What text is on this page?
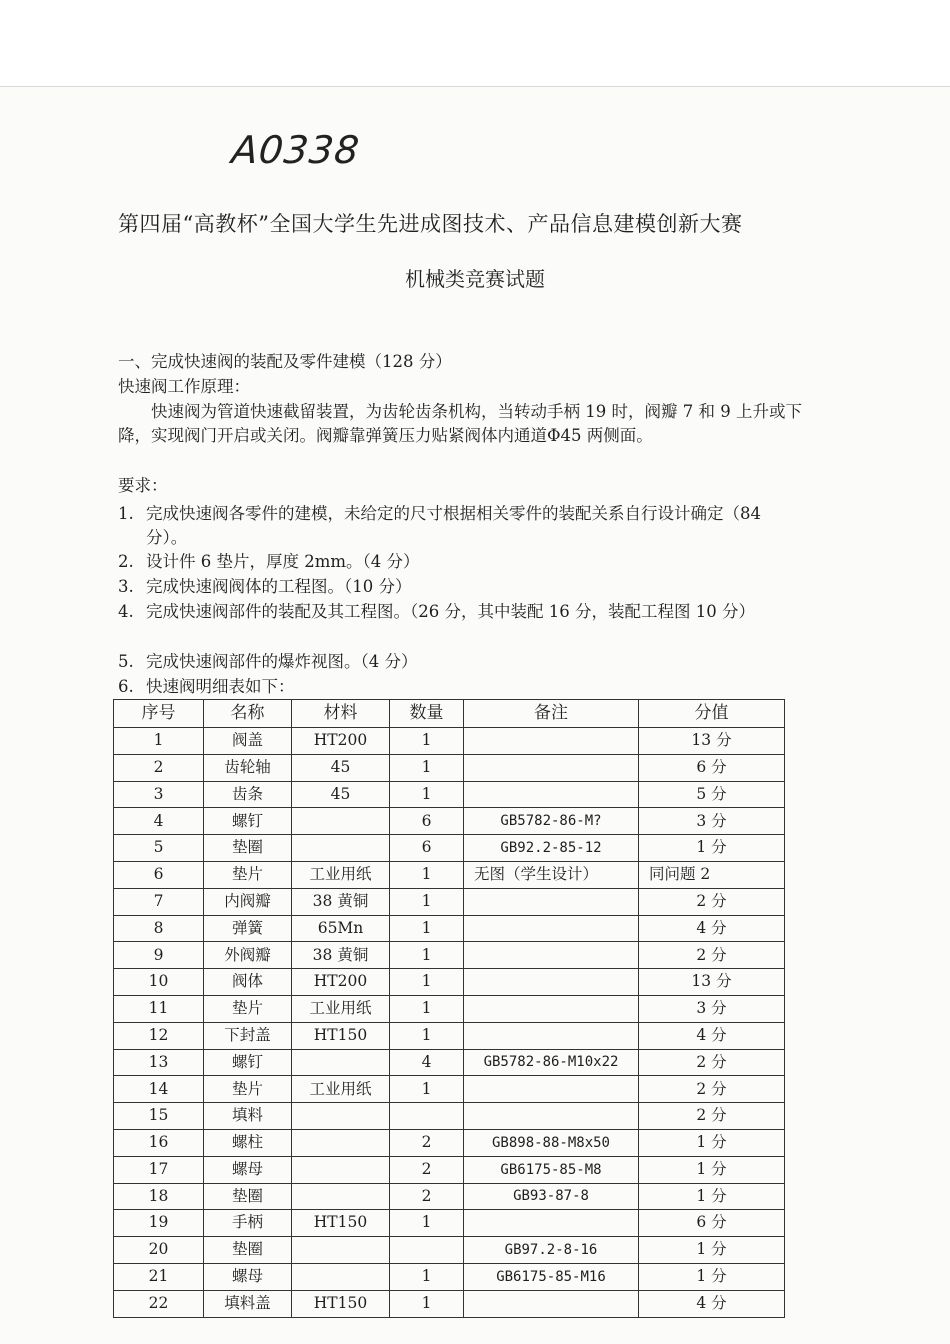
A0338
第四届“高教杯”全国大学生先进成图技术、产品信息建模创新大赛
机械类竞赛试题
一、完成快速阀的装配及零件建模（128 分）
快速阀工作原理：
快速阀为管道快速截留装置，为齿轮齿条机构，当转动手柄 19 时，阀瓣 7 和 9 上升或下降，实现阀门开启或关闭。阀瓣靠弹簧压力贴紧阀体内通道Φ45 两侧面。
要求：
1. 完成快速阀各零件的建模，未给定的尺寸根据相关零件的装配关系自行设计确定（84 分）。
2. 设计件 6 垫片，厚度 2mm。（4 分）
3. 完成快速阀阀体的工程图。（10 分）
4. 完成快速阀部件的装配及其工程图。（26 分，其中装配 16 分，装配工程图 10 分）
5. 完成快速阀部件的爆炸视图。（4 分）
6. 快速阀明细表如下：
序号	名称	材料	数量	备注	分值
1	阀盖	HT200	1		13 分
2	齿轮轴	45	1		6 分
3	齿条	45	1		5 分
4	螺钉		6	GB5782-86-M?	3 分
5	垫圈		6	GB92.2-85-12	1 分
6	垫片	工业用纸	1	无图（学生设计）	同问题 2
7	内阀瓣	38 黄铜	1		2 分
8	弹簧	65Mn	1		4 分
9	外阀瓣	38 黄铜	1		2 分
10	阀体	HT200	1		13 分
11	垫片	工业用纸	1		3 分
12	下封盖	HT150	1		4 分
13	螺钉		4	GB5782-86-M10x22	2 分
14	垫片	工业用纸	1		2 分
15	填料				2 分
16	螺柱		2	GB898-88-M8x50	1 分
17	螺母		2	GB6175-85-M8	1 分
18	垫圈		2	GB93-87-8	1 分
19	手柄	HT150	1		6 分
20	垫圈			GB97.2-8-16	1 分
21	螺母		1	GB6175-85-M16	1 分
22	填料盖	HT150	1		4 分
